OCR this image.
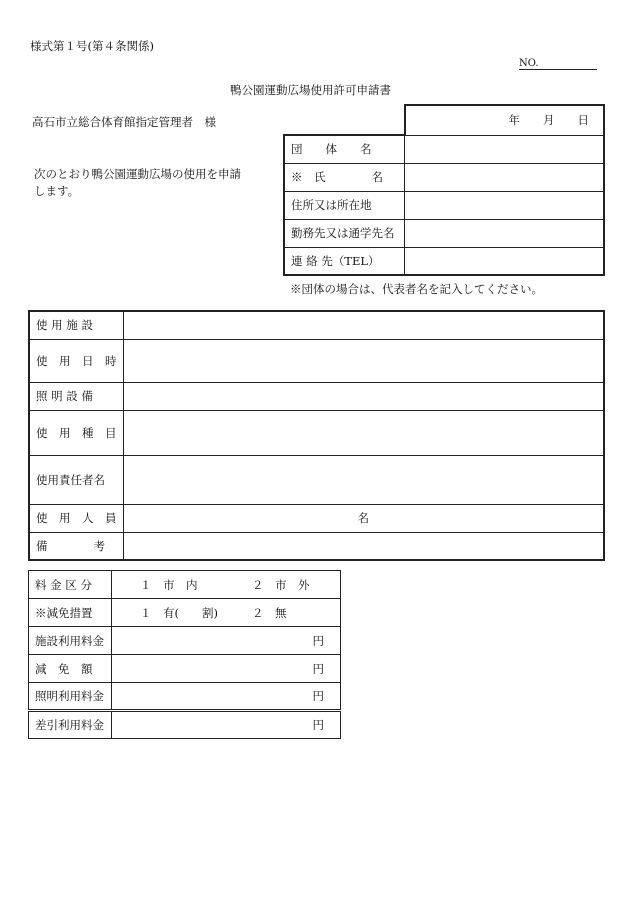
様式第１号(第４条関係)
NO.
鴨公園運動広場使用許可申請書
高石市立総合体育館指定管理者　様
次のとおり鴨公園運動広場の使用を申請
します。
	年　　月　　日
団　　体　　名	
※　氏　　　　名	
住所又は所在地	
勤務先又は通学先名	
連 絡 先（TEL）	
※団体の場合は、代表者名を記入してください。
使 用 施 設	
使　用　日　時	
照 明 設 備	
使　用　種　目	
使用責任者名	
使　用　人　員	名
備　　　　考	
料 金 区 分	１　市　内 ２　市　外
※減免措置	１　有(　　割) ２　無
施設利用料金	円
減　免　額	円
照明利用料金	円
差引利用料金	円
